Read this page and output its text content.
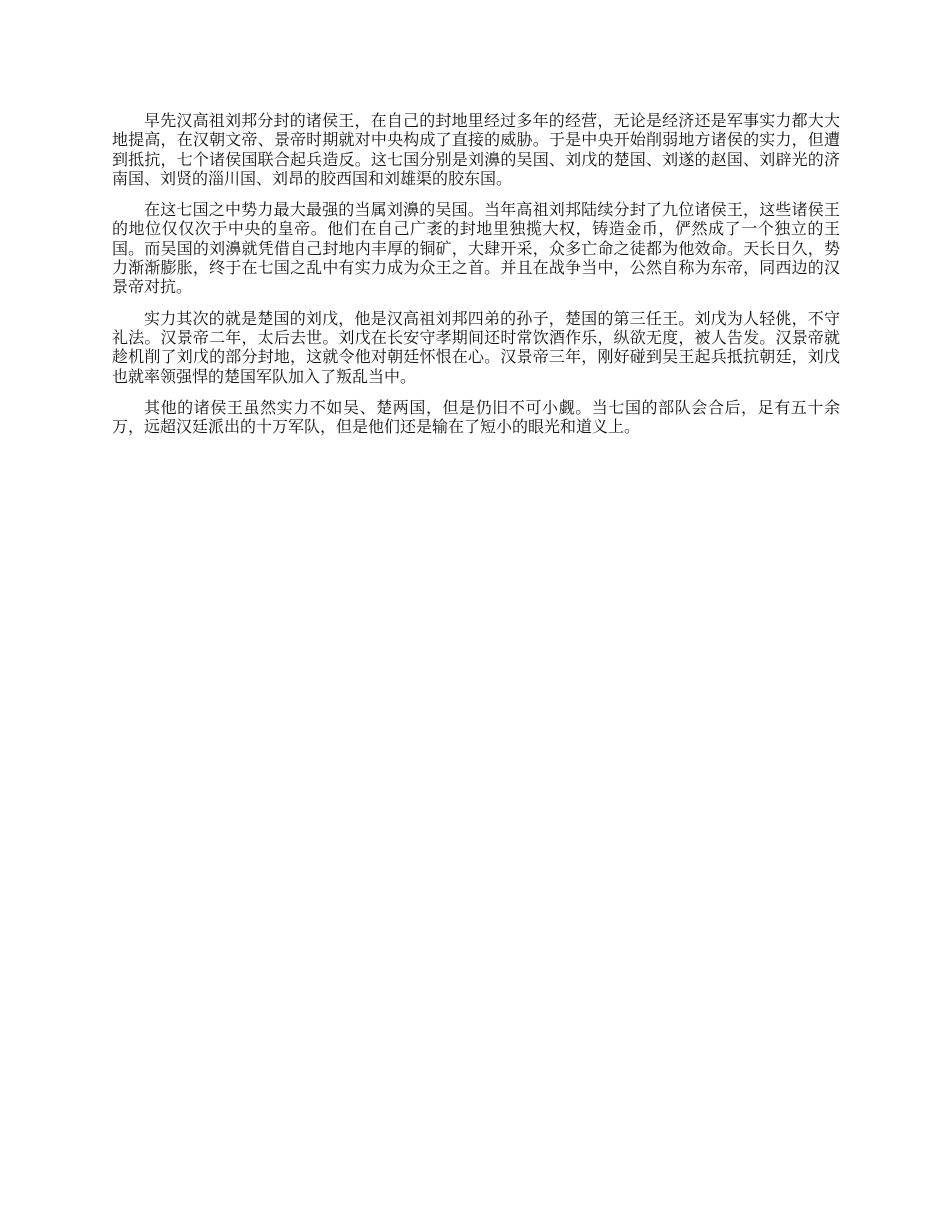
早先汉高祖刘邦分封的诸侯王，在自己的封地里经过多年的经营，无论是经济还是军事实力都大大地提高，在汉朝文帝、景帝时期就对中央构成了直接的威胁。于是中央开始削弱地方诸侯的实力，但遭到抵抗，七个诸侯国联合起兵造反。这七国分别是刘濞的吴国、刘戊的楚国、刘遂的赵国、刘辟光的济南国、刘贤的淄川国、刘昂的胶西国和刘雄渠的胶东国。

在这七国之中势力最大最强的当属刘濞的吴国。当年高祖刘邦陆续分封了九位诸侯王，这些诸侯王的地位仅仅次于中央的皇帝。他们在自己广袤的封地里独揽大权，铸造金币，俨然成了一个独立的王国。而吴国的刘濞就凭借自己封地内丰厚的铜矿，大肆开采，众多亡命之徒都为他效命。天长日久，势力渐渐膨胀，终于在七国之乱中有实力成为众王之首。并且在战争当中，公然自称为东帝，同西边的汉景帝对抗。

实力其次的就是楚国的刘戊，他是汉高祖刘邦四弟的孙子，楚国的第三任王。刘戊为人轻佻，不守礼法。汉景帝二年，太后去世。刘戊在长安守孝期间还时常饮酒作乐，纵欲无度，被人告发。汉景帝就趁机削了刘戊的部分封地，这就令他对朝廷怀恨在心。汉景帝三年，刚好碰到吴王起兵抵抗朝廷，刘戊也就率领强悍的楚国军队加入了叛乱当中。

其他的诸侯王虽然实力不如吴、楚两国，但是仍旧不可小觑。当七国的部队会合后，足有五十余万，远超汉廷派出的十万军队，但是他们还是输在了短小的眼光和道义上。
